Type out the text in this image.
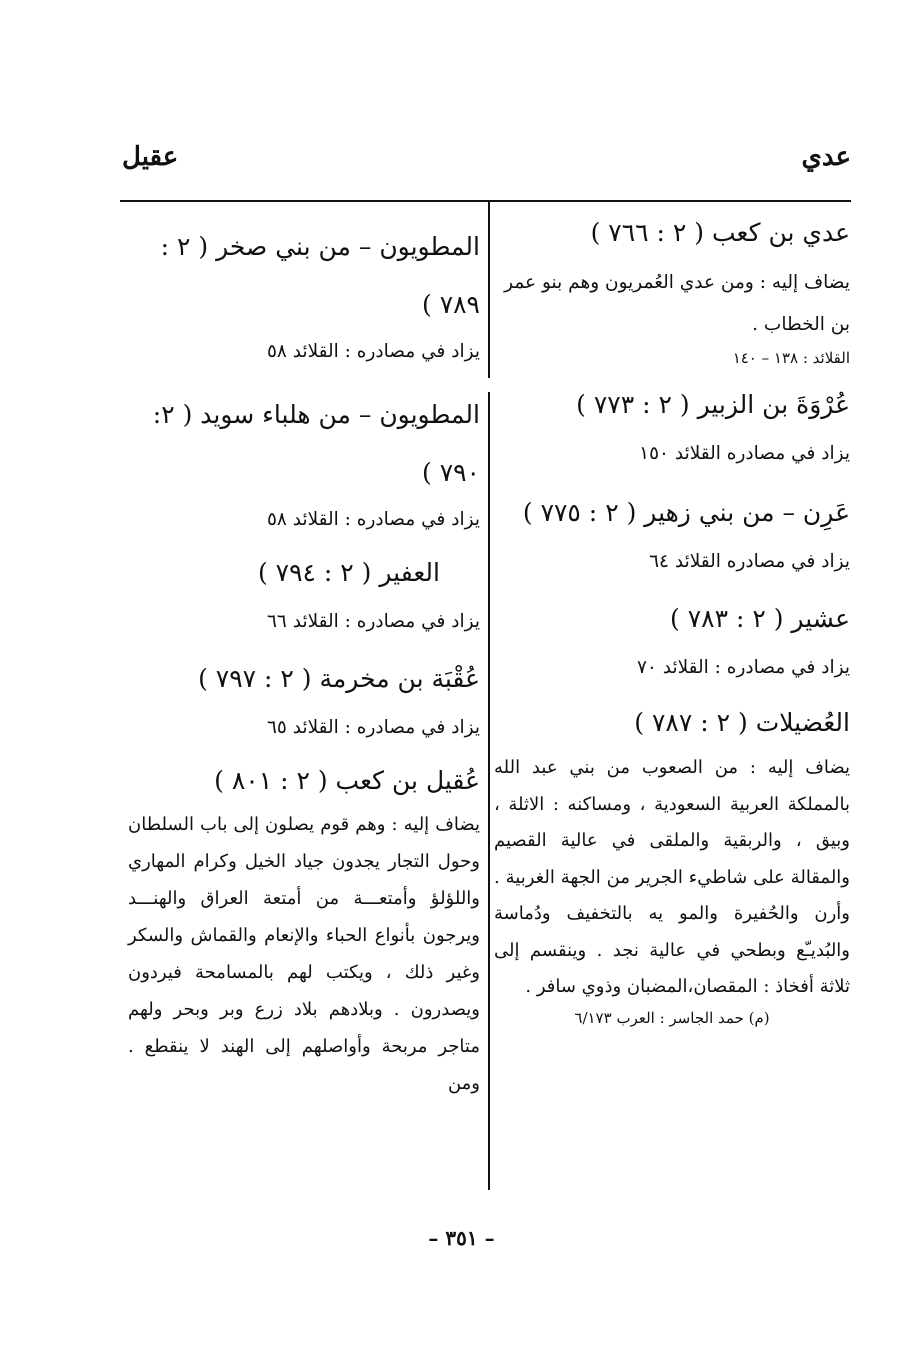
عدي
عقيل
عدي بن كعب ( ٢ : ٧٦٦ )
يضاف إليه : ومن عدي العُمريون وهم بنو عمر بن الخطاب .
القلائد : ١٣٨ – ١٤٠
عُرْوَةَ بن الزبير ( ٢ : ٧٧٣ )
يزاد في مصادره القلائد ١٥٠
عَرِن – من بني زهير ( ٢ : ٧٧٥ )
يزاد في مصادره القلائد ٦٤
عشير ( ٢ : ٧٨٣ )
يزاد في مصادره : القلائد ٧٠
العُضيلات ( ٢ : ٧٨٧ )
يضاف إليه : من الصعوب من بني عبد الله بالمملكة العربية السعودية ، ومساكنه : الاثلة ، وبيق ، والربقية والملقى في عالية القصيم والمقالة على شاطيء الجرير من الجهة الغربية . وأرن والحُفيرة والمو يه بالتخفيف ودُماسة والبُديـّع وبطحي في عالية نجد . وينقسم إلى ثلاثة أفخاذ : المقصان،المضبان وذوي سافر .
(م) حمد الجاسر : العرب ٦/١٧٣
المطويون – من بني صخر ( ٢ : ٧٨٩ )
يزاد في مصادره : القلائد ٥٨
المطويون – من هلباء سويد ( ٢: ٧٩٠ )
يزاد في مصادره : القلائد ٥٨
العفير ( ٢ : ٧٩٤ )
يزاد في مصادره : القلائد ٦٦
عُقْبَة بن مخرمة ( ٢ : ٧٩٧ )
يزاد في مصادره : القلائد ٦٥
عُقيل بن كعب ( ٢ : ٨٠١ )
يضاف إليه : وهم قوم يصلون إلى باب السلطان وحول التجار يجدون جياد الخيل وكرام المهاري واللؤلؤ وأمتعـــة من أمتعة العراق والهنـــد ويرجون بأنواع الحباء والإنعام والقماش والسكر وغير ذلك ، ويكتب لهم بالمسامحة فيردون ويصدرون . وبلادهم بلاد زرع وبر وبحر ولهم متاجر مربحة وأواصلهم إلى الهند لا ينقطع . ومن
– ٣٥١ –
